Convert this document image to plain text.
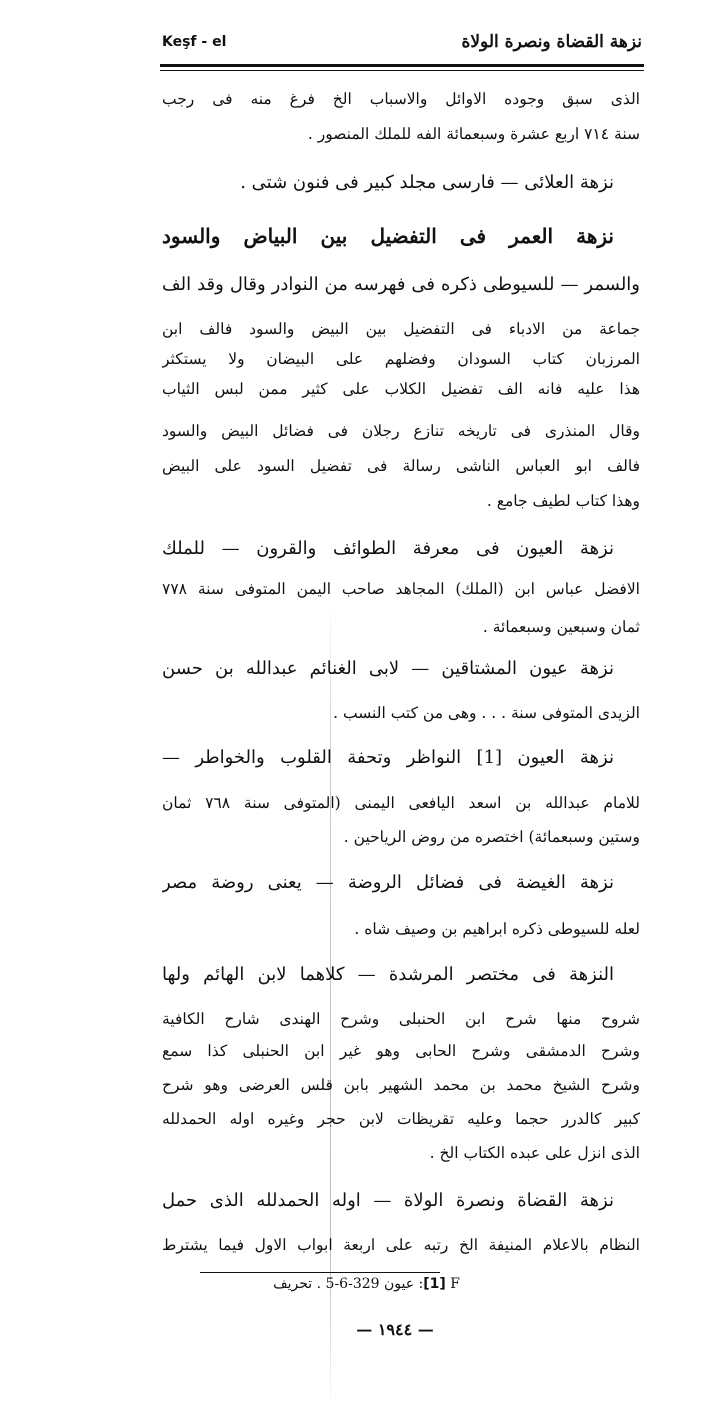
نزهة القضاة ونصرة الولاة
Keşf - el
الذى سبق وجوده الاوائل والاسباب الخ فرغ منه فى رجب
سنة ٧١٤ اربع عشرة وسبعمائة الفه للملك المنصور .
نزهة العلائى — فارسى مجلد كبير فى فنون شتى .
نزهة العمر فى التفضيل بين البياض والسود
والسمر — للسيوطى ذكره فى فهرسه من النوادر وقال وقد الف
جماعة من الادباء فى التفضيل بين البيض والسود فالف ابن
المرزبان كتاب السودان وفضلهم على البيضان ولا يستكثر
هذا عليه فانه الف تفضيل الكلاب على كثير ممن لبس الثياب
وقال المنذرى فى تاريخه تنازع رجلان فى فضائل البيض والسود
فالف ابو العباس الناشى رسالة فى تفضيل السود على البيض
وهذا كتاب لطيف جامع .
نزهة العيون فى معرفة الطوائف والقرون — للملك
الافضل عباس ابن (الملك) المجاهد صاحب اليمن المتوفى سنة ٧٧٨
ثمان وسبعين وسبعمائة .
نزهة عيون المشتاقين — لابى الغنائم عبدالله بن حسن
الزيدى المتوفى سنة . . . وهى من كتب النسب .
نزهة العيون [1] النواظر وتحفة القلوب والخواطر —
للامام عبدالله بن اسعد اليافعى اليمنى (المتوفى سنة ٧٦٨ ثمان
وستين وسبعمائة) اختصره من روض الرياحين .
نزهة الغيضة فى فضائل الروضة — يعنى روضة مصر
لعله للسيوطى ذكره ابراهيم بن وصيف شاه .
النزهة فى مختصر المرشدة — كلاهما لابن الهائم ولها
شروح منها شرح ابن الحنبلى وشرح الهندى شارح الكافية
وشرح الدمشقى وشرح الحابى وهو غير ابن الحنبلى كذا سمع
وشرح الشيخ محمد بن محمد الشهير بابن قلس العرضى وهو شرح
كبير كالدرر حجما وعليه تقريظات لابن حجر وغيره اوله الحمدلله
الذى انزل على عبده الكتاب الخ .
نزهة القضاة ونصرة الولاة — اوله الحمدلله الذى حمل
النظام بالاعلام المنيفة الخ رتبه على اربعة ابواب الاول فيما يشترط
[1] F: عيون 329-6-5 . تحريف
— ١٩٤٤ —
